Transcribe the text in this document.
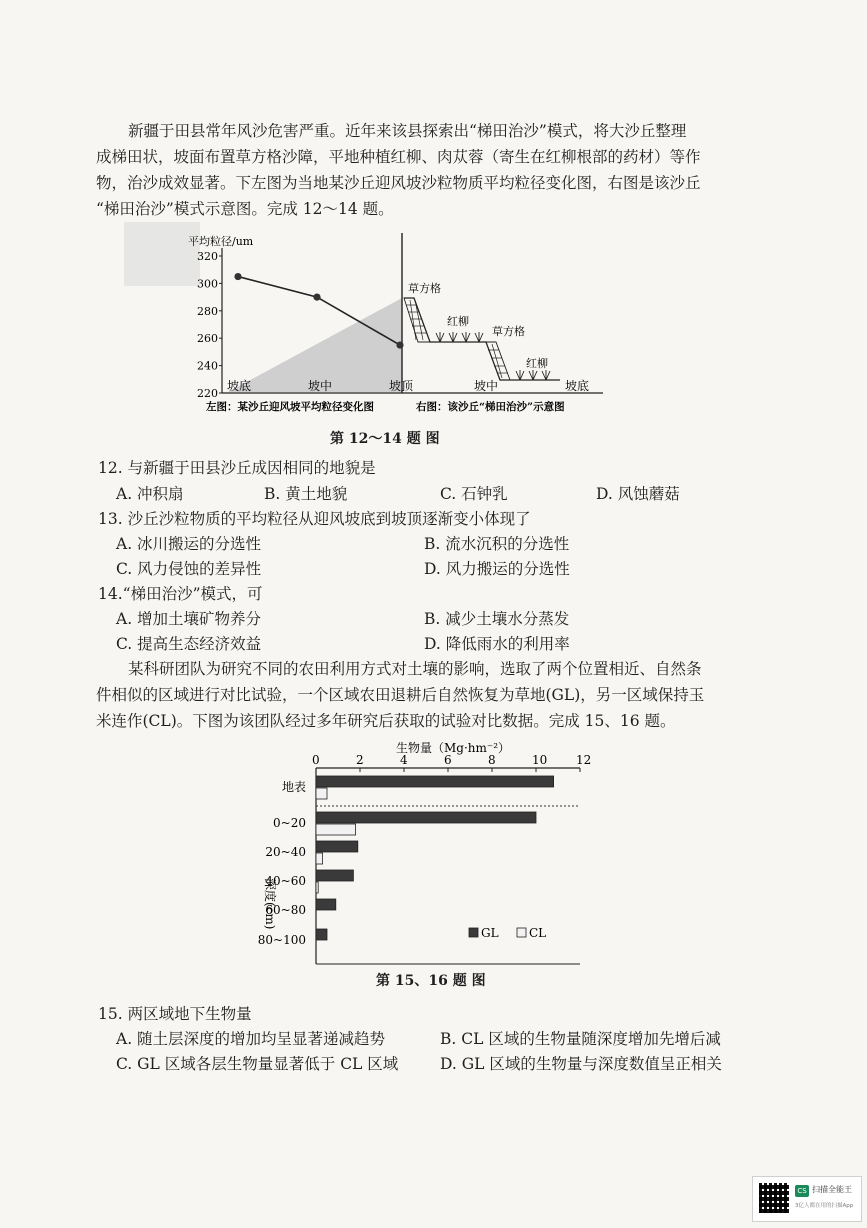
新疆于田县常年风沙危害严重。近年来该县探索出“梯田治沙”模式，将大沙丘整理
成梯田状，坡面布置草方格沙障，平地种植红柳、肉苁蓉（寄生在红柳根部的药材）等作
物，治沙成效显著。下左图为当地某沙丘迎风坡沙粒物质平均粒径变化图，右图是该沙丘
“梯田治沙”模式示意图。完成 12～14 题。
平均粒径/um
320
300
280
260
240
220
坡底	坡中	坡顶
草方格
红柳
草方格
红柳
坡中	坡底
左图：某沙丘迎风坡平均粒径变化图	右图：该沙丘“梯田治沙”示意图
第 12～14 题 图
12. 与新疆于田县沙丘成因相同的地貌是
A. 冲积扇	B. 黄土地貌	C. 石钟乳	D. 风蚀蘑菇
13. 沙丘沙粒物质的平均粒径从迎风坡底到坡顶逐渐变小体现了
A. 冰川搬运的分选性	B. 流水沉积的分选性
C. 风力侵蚀的差异性	D. 风力搬运的分选性
14.“梯田治沙”模式，可
A. 增加土壤矿物养分	B. 减少土壤水分蒸发
C. 提高生态经济效益	D. 降低雨水的利用率
某科研团队为研究不同的农田利用方式对土壤的影响，选取了两个位置相近、自然条
件相似的区域进行对比试验，一个区域农田退耕后自然恢复为草地(GL)，另一区域保持玉
米连作(CL)。下图为该团队经过多年研究后获取的试验对比数据。完成 15、16 题。
生物量（Mg·hm⁻²）
0	2	4	6	8	10 12
地表
0~20
20~40
40~60
60~80
80~100
深度(cm)
GL	CL
第 15、16 题 图
15. 两区域地下生物量
A. 随土层深度的增加均呈显著递减趋势	B. CL 区域的生物量随深度增加先增后减
C. GL 区域各层生物量显著低于 CL 区域	D. GL 区域的生物量与深度数值呈正相关
CS 扫描全能王
3亿人都在用的扫描App
